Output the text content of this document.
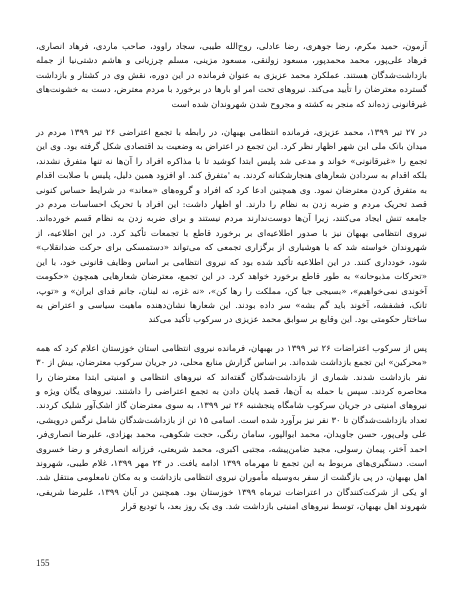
آزمون، حمید مکرم، رضا جوهری، رضا عادلی، روح‌الله طیبی، سجاد راوود، صاحب ماردی، فرهاد انصاری، فرهاد علی‌پور، محمد محمدپور، مسعود زولنقی، مسعود مزینی، مسلم چرزیانی و هاشم دشتی‌نیا از جمله بازداشت‌شدگان هستند. عملکرد محمد عزیزی به عنوان فرمانده در این دوره، نقش وی در کشتار و بازداشت گسترده معترضان را تأیید می‌کند. نیروهای تحت امر او بارها در برخورد با مردم معترض، دست به خشونت‌های غیرقانونی زده‌اند که منجر به کشته و مجروح شدن شهروندان شده است

در ۲۷ تیر ۱۳۹۹، محمد عزیزی، فرمانده انتظامی بهبهان، در رابطه با تجمع اعتراضی ۲۶ تیر ۱۳۹۹ مردم در میدان بانک ملی این شهر اظهار نظر کرد. این تجمع در اعتراض به وضعیت بد اقتصادی شکل گرفته بود. وی این تجمع را «غیرقانونی» خواند و مدعی شد پلیس ابتدا کوشید تا با مذاکره افراد را آن‌ها نه تنها متفرق نشدند، بلکه اقدام به سردادن شعارهای هنجارشکنانه کردند. به 'متفرق کند. او افزود همین دلیل، پلیس با صلابت اقدام به متفرق کردن معترضان نمود. وی همچنین ادعا کرد که افراد و گروه‌های «معاند» در شرایط حساس کنونی قصد تحریک مردم و ضربه زدن به نظام را دارند. او اظهار داشت: این افراد با تحریک احساسات مردم در جامعه تنش ایجاد می‌کنند، زیرا آن‌ها دوست‌ندارند مردم نیستند و برای ضربه زدن به نظام قسم خورده‌اند. نیروی انتظامی بهبهان نیز با صدور اطلاعیه‌ای بر برخورد قاطع با تجمعات تأکید کرد. در این اطلاعیه، از شهروندان خواسته شد که با هوشیاری از برگزاری تجمعی که می‌تواند «دستمسکی برای حرکت ضدانقلاب» شود، خودداری کنند. در این اطلاعیه تأکید شده بود که نیروی انتظامی بر اساس وظایف قانونی خود، با این «تحرکات مذبوحانه» به طور قاطع برخورد خواهد کرد. در این تجمع، معترضان شعارهایی همچون «حکومت آخوندی نمی‌خواهیم»، «بسیجی جیا کن، مملکت را رها کن»، «نه غزه، نه لبنان، جانم فدای ایران» و «توپ، تانک، فشفشه، آخوند باید گم بشه» سر داده بودند. این شعارها نشان‌دهنده ماهیت سیاسی و اعتراض به ساختار حکومتی بود. این وقایع بر سوابق محمد عزیزی در سرکوب تأکید می‌کند

پس از سرکوب اعتراضات ۲۶ تیر ۱۳۹۹ در بهبهان، فرمانده نیروی انتظامی استان خوزستان اعلام کرد که همه «محرکین» این تجمع بازداشت شده‌اند. بر اساس گزارش منابع محلی، در جریان سرکوب معترضان، بیش از ۳۰ نفر بازداشت شدند. شماری از بازداشت‌شدگان گفته‌اند که نیروهای انتظامی و امنیتی ابتدا معترضان را محاصره کردند. سپس با حمله به آن‌ها، قصد پایان دادن به تجمع اعتراضی را داشتند. نیروهای یگان ویژه و نیروهای امنیتی در جریان سرکوب شامگاه پنجشنبه ۲۶ تیر ۱۳۹۹، به سوی معترضان گاز اشک‌آور شلیک کردند. تعداد بازداشت‌شدگان تا ۳۰ نفر نیز برآورد شده است. اسامی ۱۵ تن از بازداشت‌شدگان شامل نرگس درویشی، علی ولی‌پور، حسن جاویدان، محمد ابوالپور، سامان رنگی، حجت شکوهی، محمد بهزادی، علیرضا انصاری‌فر، احمد آختر، پیمان رسولی، مجید ضامن‌پیشه، مجتبی اکبری، محمد شریعتی، فرزانه انصاری‌فر و رضا خسروی است. دستگیری‌های مربوط به این تجمع تا مهرماه ۱۳۹۹ ادامه یافت. در ۲۴ مهر ۱۳۹۹، غلام طیبی، شهروند اهل بهبهان، در پی بازگشت از سفر به‌وسیله مأموران نیروی انتظامی بازداشت و به مکان نامعلومی منتقل شد. او یکی از شرکت‌کنندگان در اعتراضات تیرماه ۱۳۹۹ خوزستان بود. همچنین در آبان ۱۳۹۹، علیرضا شریفی، شهروند اهل بهبهان، توسط نیروهای امنیتی بازداشت شد. وی یک روز بعد، با تودیع قرار

155
